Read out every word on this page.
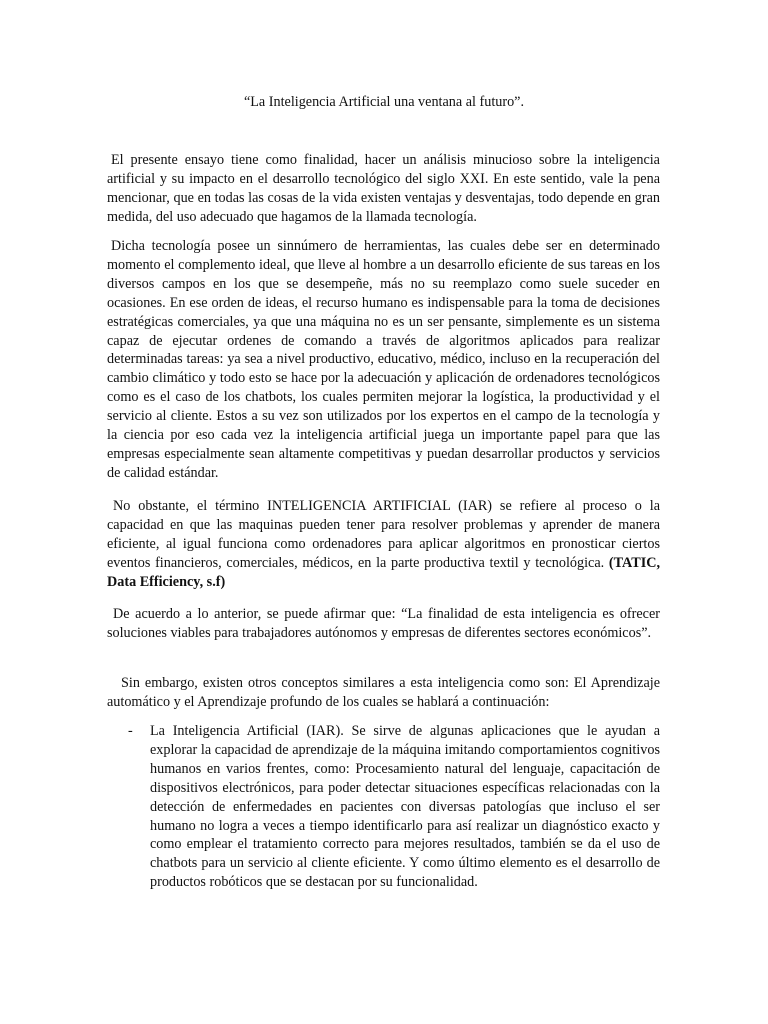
“La Inteligencia Artificial una ventana al futuro”.

El presente ensayo tiene como finalidad, hacer un análisis minucioso sobre la inteligencia artificial y su impacto en el desarrollo tecnológico del siglo XXI. En este sentido, vale la pena mencionar, que en todas las cosas de la vida existen ventajas y desventajas, todo depende en gran medida, del uso adecuado que hagamos de la llamada tecnología.

Dicha tecnología posee un sinnúmero de herramientas, las cuales debe ser en determinado momento el complemento ideal, que lleve al hombre a un desarrollo eficiente de sus tareas en los diversos campos en los que se desempeñe, más no su reemplazo como suele suceder en ocasiones. En ese orden de ideas, el recurso humano es indispensable para la toma de decisiones estratégicas comerciales, ya que una máquina no es un ser pensante, simplemente es un sistema capaz de ejecutar ordenes de comando a través de algoritmos aplicados para realizar determinadas tareas: ya sea a nivel productivo, educativo, médico, incluso en la recuperación del cambio climático y todo esto se hace por la adecuación y aplicación de ordenadores tecnológicos como es el caso de los chatbots, los cuales permiten mejorar la logística, la productividad y el servicio al cliente. Estos a su vez son utilizados por los expertos en el campo de la tecnología y la ciencia por eso cada vez la inteligencia artificial juega un importante papel para que las empresas especialmente sean altamente competitivas y puedan desarrollar productos y servicios de calidad estándar.

No obstante, el término INTELIGENCIA ARTIFICIAL (IAR) se refiere al proceso o la capacidad en que las maquinas pueden tener para resolver problemas y aprender de manera eficiente, al igual funciona como ordenadores para aplicar algoritmos en pronosticar ciertos eventos financieros, comerciales, médicos, en la parte productiva textil y tecnológica. (TATIC, Data Efficiency, s.f)

De acuerdo a lo anterior, se puede afirmar que: “La finalidad de esta inteligencia es ofrecer soluciones viables para trabajadores autónomos y empresas de diferentes sectores económicos”.

Sin embargo, existen otros conceptos similares a esta inteligencia como son: El Aprendizaje automático y el Aprendizaje profundo de los cuales se hablará a continuación:

- La Inteligencia Artificial (IAR). Se sirve de algunas aplicaciones que le ayudan a explorar la capacidad de aprendizaje de la máquina imitando comportamientos cognitivos humanos en varios frentes, como: Procesamiento natural del lenguaje, capacitación de dispositivos electrónicos, para poder detectar situaciones específicas relacionadas con la detección de enfermedades en pacientes con diversas patologías que incluso el ser humano no logra a veces a tiempo identificarlo para así realizar un diagnóstico exacto y como emplear el tratamiento correcto para mejores resultados, también se da el uso de chatbots para un servicio al cliente eficiente. Y como último elemento es el desarrollo de productos robóticos que se destacan por su funcionalidad.
